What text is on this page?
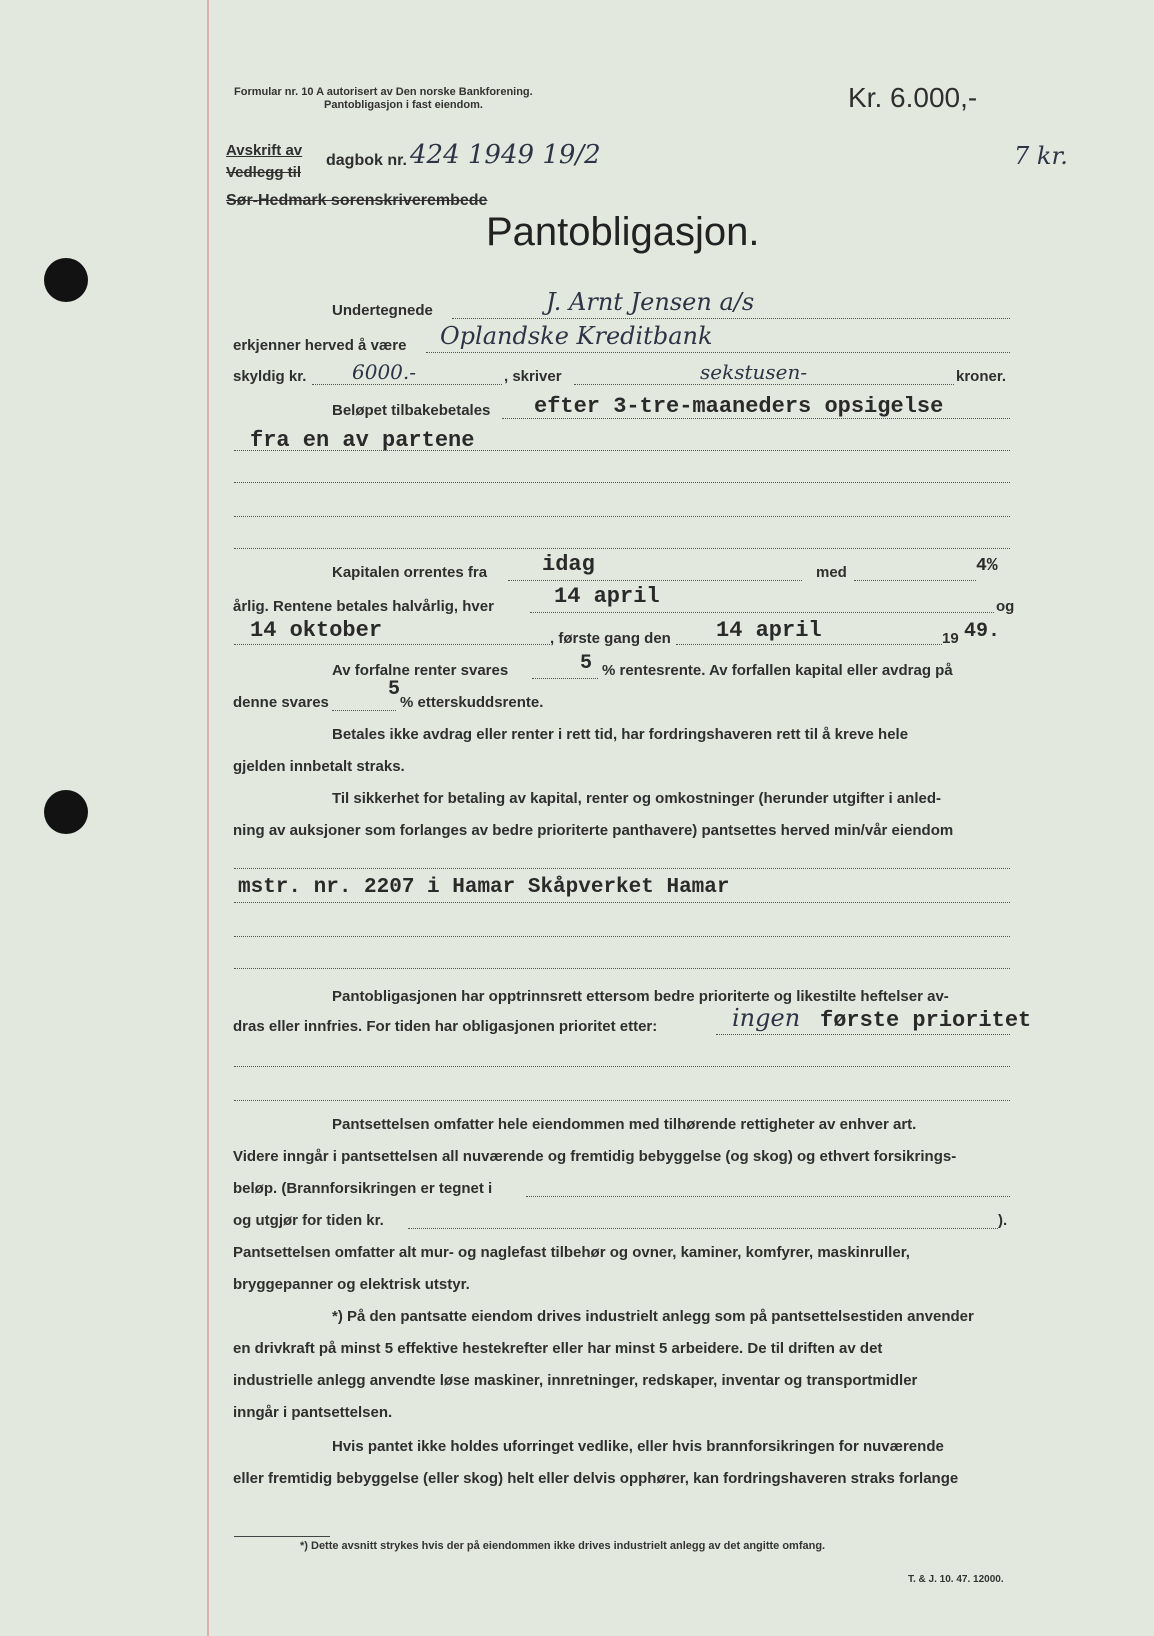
Formular nr. 10 A autorisert av Den norske Bankforening.
Pantobligasjon i fast eiendom.	Kr. 6.000,-
7 kr.
Avskrift av
Vedlegg til
dagbok nr. 424 1949 19/2
Sør-Hedmark sorenskriverembede
Pantobligasjon.
Undertegnede	J. Arnt Jensen a/s
erkjenner herved å være Oplandske Kreditbank
skyldig kr. 6000.-	, skriver	sekstusen-	kroner.
Beløpet tilbakebetales efter 3-tre-maaneders opsigelse
fra en av partene
Kapitalen orrentes fra idag	med	4%
årlig. Rentene betales halvårlig, hver	14 april	og
14 oktober	, første gang den 14 april	19 49.
Av forfalne renter svares	5 % rentesrente. Av forfallen kapital eller avdrag på
denne svares
5
% etterskuddsrente.
Betales ikke avdrag eller renter i rett tid, har fordringshaveren rett til å kreve hele
gjelden innbetalt straks.
Til sikkerhet for betaling av kapital, renter og omkostninger (herunder utgifter i anled-
ning av auksjoner som forlanges av bedre prioriterte panthavere) pantsettes herved min/vår eiendom
mstr. nr. 2207 i Hamar Skåpverket Hamar
Pantobligasjonen har opptrinnsrett ettersom bedre prioriterte og likestilte heftelser av-
dras eller innfries. For tiden har obligasjonen prioritet etter:	ingen første prioritet
Pantsettelsen omfatter hele eiendommen med tilhørende rettigheter av enhver art.
Videre inngår i pantsettelsen all nuværende og fremtidig bebyggelse (og skog) og ethvert forsikrings-
beløp. (Brannforsikringen er tegnet i
og utgjør for tiden kr.	).
Pantsettelsen omfatter alt mur- og naglefast tilbehør og ovner, kaminer, komfyrer, maskinruller,
bryggepanner og elektrisk utstyr.
*) På den pantsatte eiendom drives industrielt anlegg som på pantsettelsestiden anvender
en drivkraft på minst 5 effektive hestekrefter eller har minst 5 arbeidere. De til driften av det
industrielle anlegg anvendte løse maskiner, innretninger, redskaper, inventar og transportmidler
inngår i pantsettelsen.
Hvis pantet ikke holdes uforringet vedlike, eller hvis brannforsikringen for nuværende
eller fremtidig bebyggelse (eller skog) helt eller delvis opphører, kan fordringshaveren straks forlange
*) Dette avsnitt strykes hvis der på eiendommen ikke drives industrielt anlegg av det angitte omfang.
T. & J. 10. 47. 12000.
